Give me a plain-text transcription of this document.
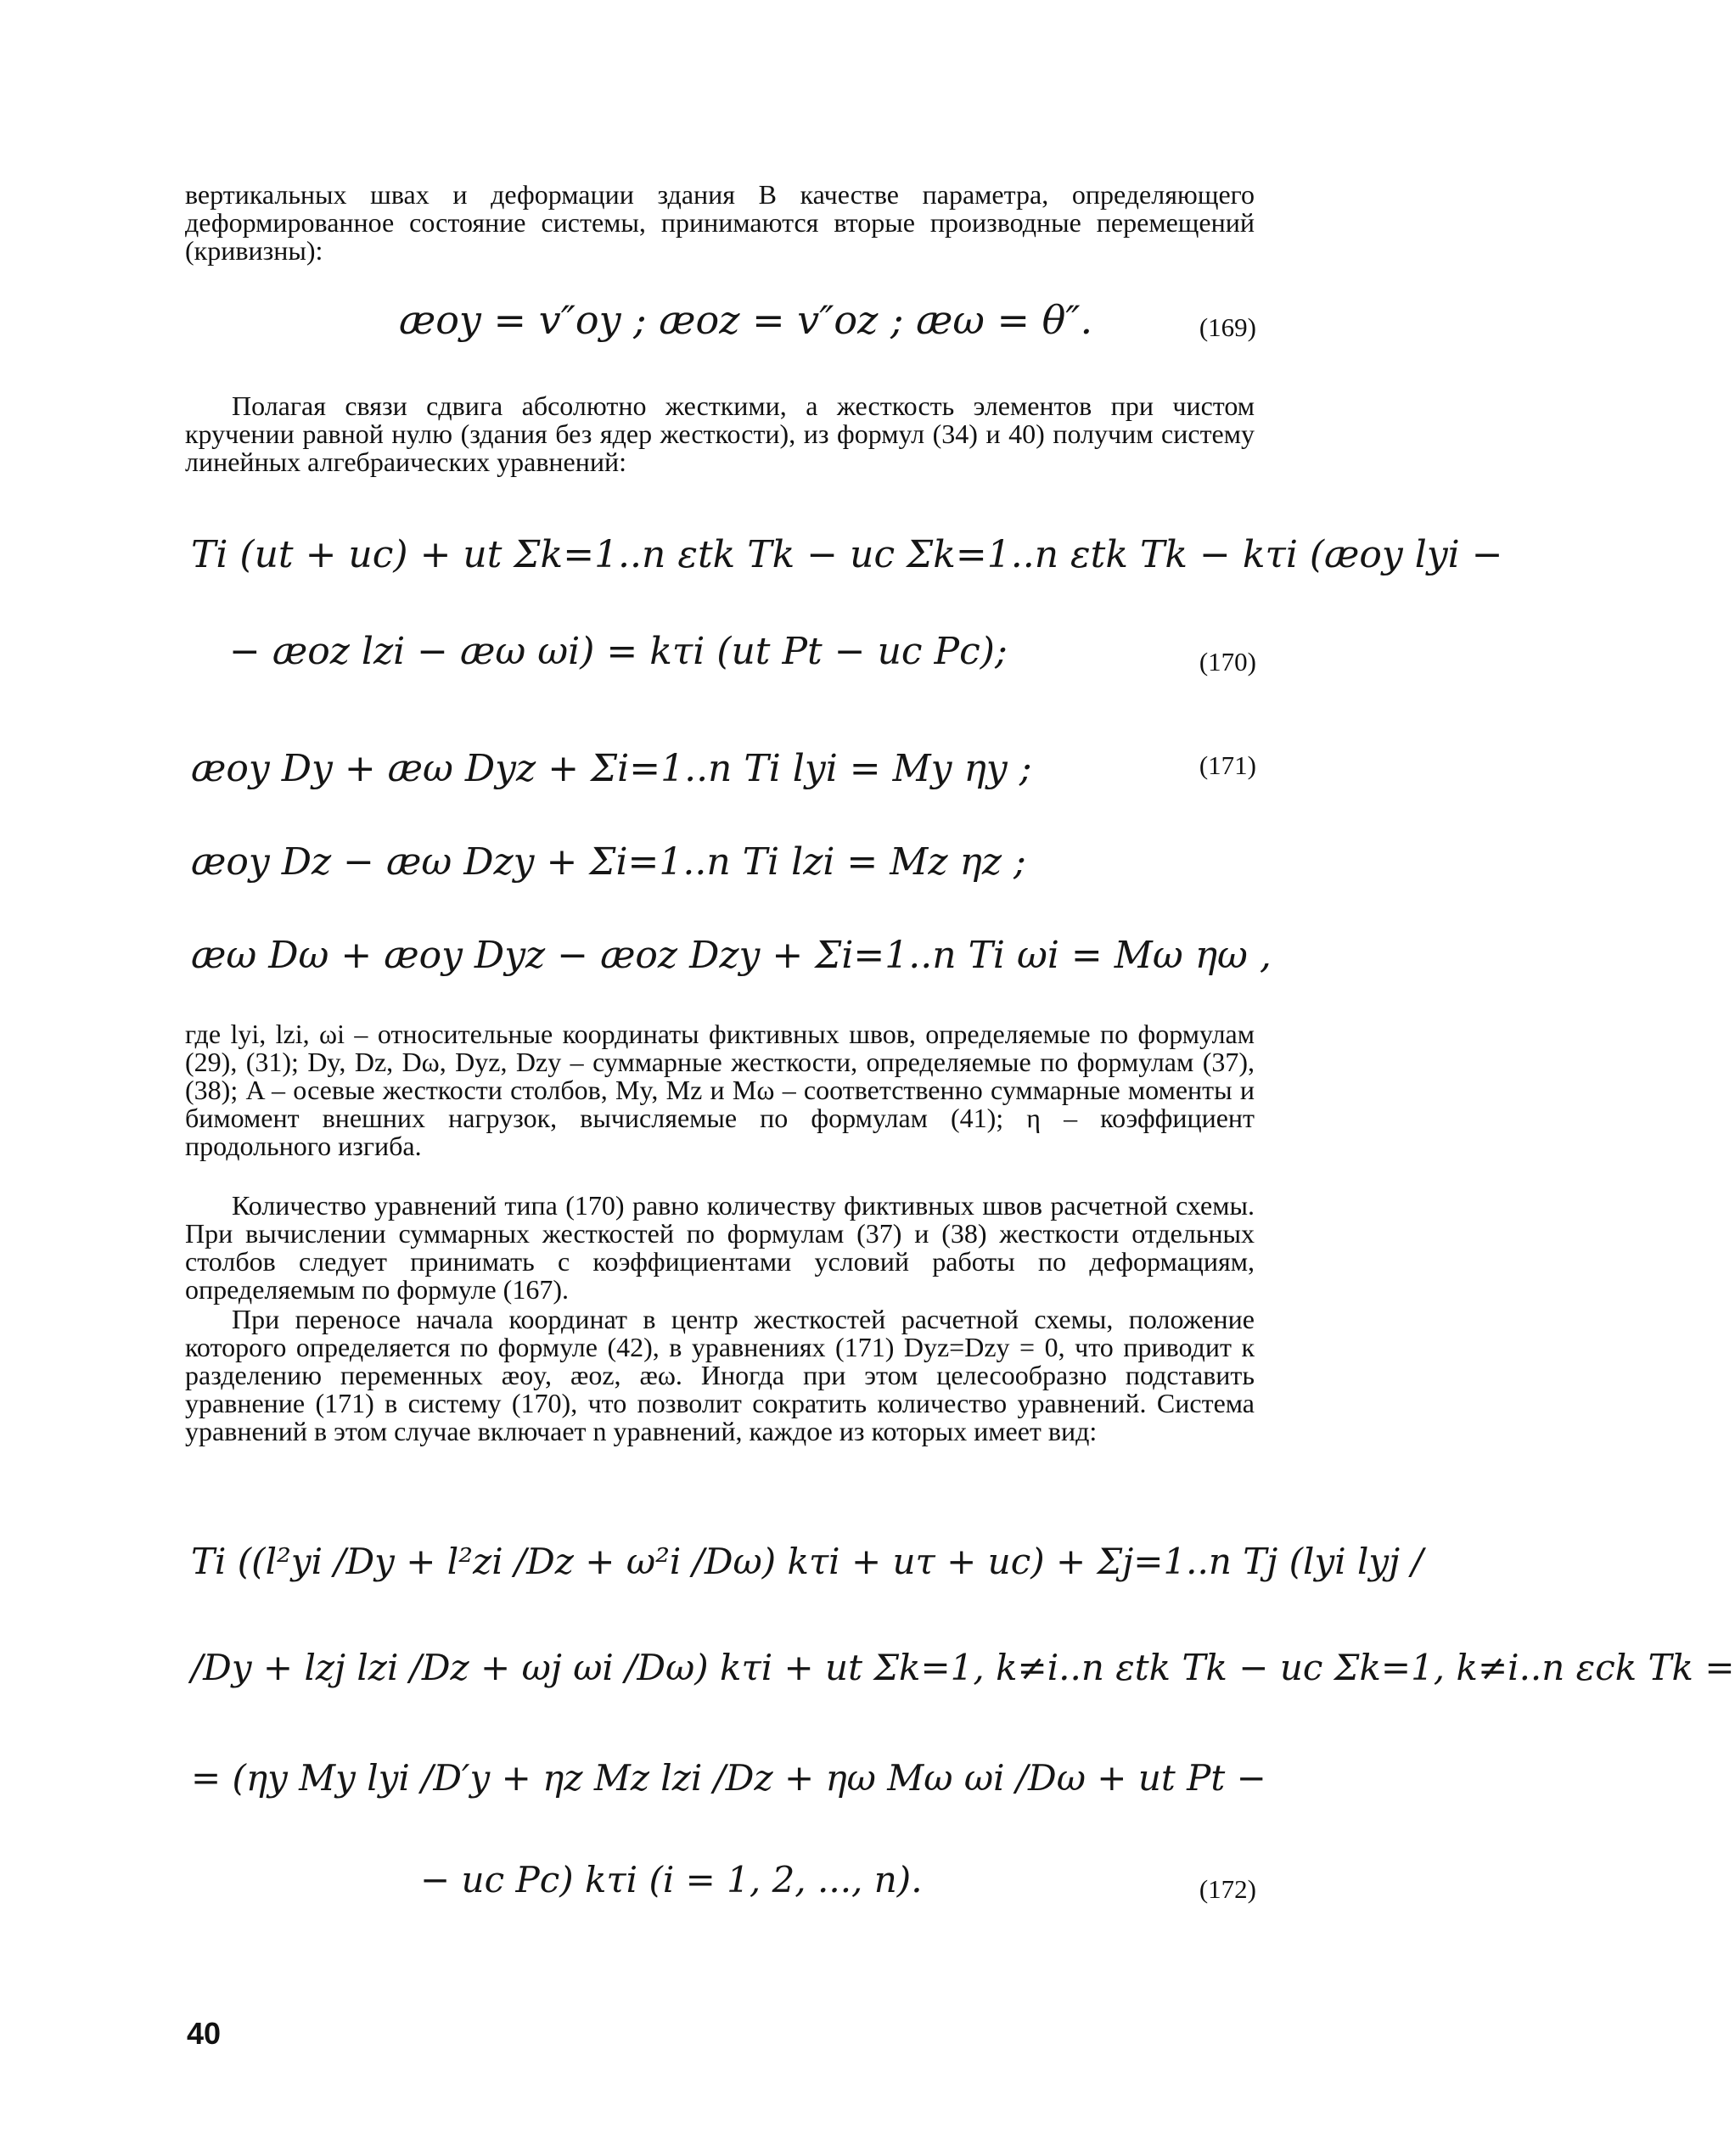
вертикальных швах и деформации здания В качестве параметра, определяющего деформированное состояние системы, принимаются вторые производные перемещений (кривизны):
æoy = v″oy ; æoz = v″oz ; æω = θ″.	(169)
Полагая связи сдвига абсолютно жесткими, а жесткость элементов при чистом кручении равной нулю (здания без ядер жесткости), из формул (34) и 40) получим систему линейных алгебраических уравнений:
Ti (ut + uc) + ut Σk=1..n εtk Tk − uc Σk=1..n εtk Tk − kτi (æoy lyi −
− æoz lzi − æω ωi) = kτi (ut Pt − uc Pc);	(170)
æoy Dy + æω Dyz + Σi=1..n Ti lyi = My ηy ;	(171)
æoy Dz − æω Dzy + Σi=1..n Ti lzi = Mz ηz ;
æω Dω + æoy Dyz − æoz Dzy + Σi=1..n Ti ωi = Mω ηω ,
где lyi, lzi, ωi – относительные координаты фиктивных швов, определяемые по формулам (29), (31); Dy, Dz, Dω, Dyz, Dzy – суммарные жесткости, определяемые по формулам (37), (38); A – осевые жесткости столбов, My, Mz и Mω – соответственно суммарные моменты и бимомент внешних нагрузок, вычисляемые по формулам (41); η – коэффициент продольного изгиба.
Количество уравнений типа (170) равно количеству фиктивных швов расчетной схемы. При вычислении суммарных жесткостей по формулам (37) и (38) жесткости отдельных столбов следует принимать с коэффициентами условий работы по деформациям, определяемым по формуле (167).
При переносе начала координат в центр жесткостей расчетной схемы, положение которого определяется по формуле (42), в уравнениях (171) Dyz=Dzy = 0, что приводит к разделению переменных æoy, æoz, æω. Иногда при этом целесообразно подставить уравнение (171) в систему (170), что позволит сократить количество уравнений. Система уравнений в этом случае включает n уравнений, каждое из которых имеет вид:
Ti ((l²yi /Dy + l²zi /Dz + ω²i /Dω) kτi + uτ + uc) + Σj=1..n Tj (lyi lyj /
/Dy + lzj lzi /Dz + ωj ωi /Dω) kτi + ut Σk=1, k≠i..n εtk Tk − uc Σk=1, k≠i..n εck Tk =
= (ηy My lyi /D′y + ηz Mz lzi /Dz + ηω Mω ωi /Dω + ut Pt −
− uc Pc) kτi (i = 1, 2, ..., n).	(172)
40
